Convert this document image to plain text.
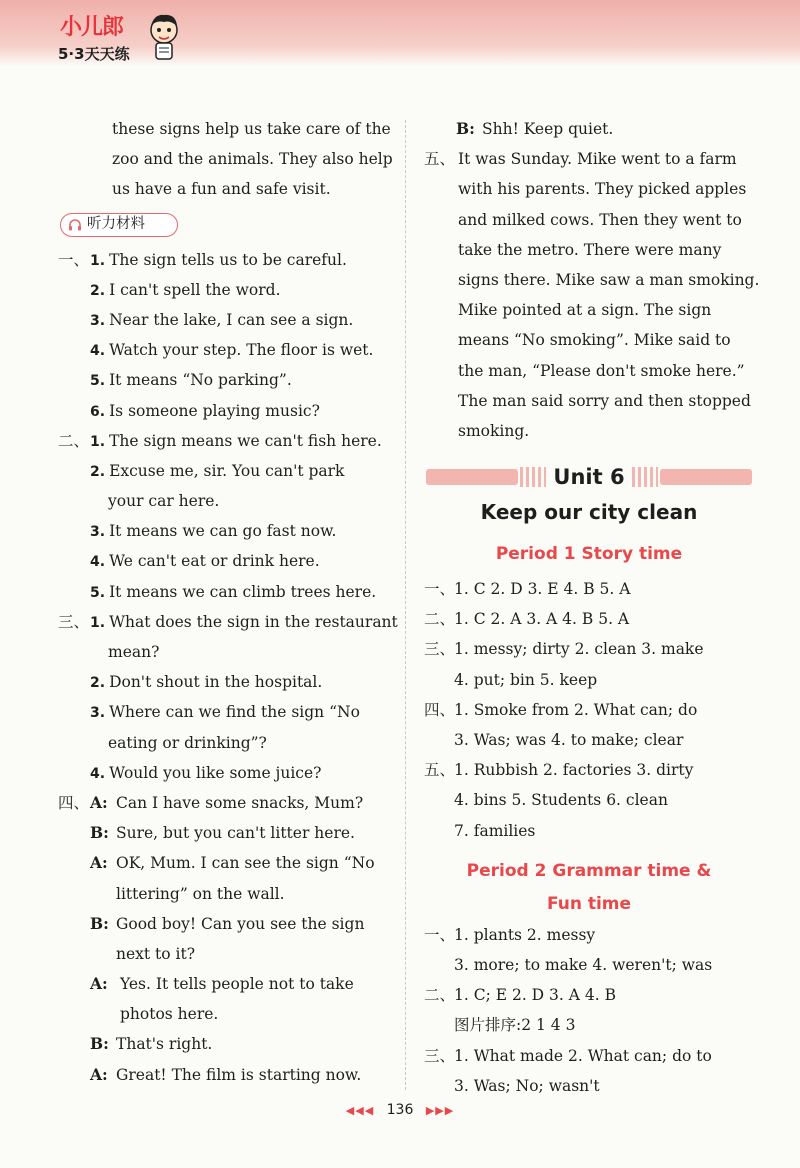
小儿郎
5·3天天练
these signs help us take care of the
zoo and the animals. They also help
us have a fun and safe visit.
听力材料
一、 1. The sign tells us to be careful.
2. I can't spell the word.
3. Near the lake, I can see a sign.
4. Watch your step. The floor is wet.
5. It means “No parking”.
6. Is someone playing music?
二、 1. The sign means we can't fish here.
2. Excuse me, sir. You can't park
your car here.
3. It means we can go fast now.
4. We can't eat or drink here.
5. It means we can climb trees here.
三、 1. What does the sign in the restaurant
mean?
2. Don't shout in the hospital.
3. Where can we find the sign “No
eating or drinking”?
4. Would you like some juice?
四、 A: Can I have some snacks, Mum?
B: Sure, but you can't litter here.
A: OK, Mum. I can see the sign “No
littering” on the wall.
B: Good boy! Can you see the sign
next to it?
A: Yes. It tells people not to take
photos here.
B: That's right.
A: Great! The film is starting now.
B: Shh! Keep quiet.
五、 It was Sunday. Mike went to a farm
with his parents. They picked apples
and milked cows. Then they went to
take the metro. There were many
signs there. Mike saw a man smoking.
Mike pointed at a sign. The sign
means “No smoking”. Mike said to
the man, “Please don't smoke here.”
The man said sorry and then stopped
smoking.
Unit 6
Keep our city clean
Period 1 Story time
一、
1. C 2. D 3. E 4. B 5. A
二、
1. C 2. A 3. A 4. B 5. A
三、
1. messy; dirty 2. clean 3. make
4. put; bin 5. keep
四、
1. Smoke from 2. What can; do
3. Was; was 4. to make; clear
五、
1. Rubbish 2. factories 3. dirty
4. bins 5. Students 6. clean
7. families
Period 2 Grammar time &
Fun time
一、
1. plants 2. messy
3. more; to make 4. weren't; was
二、
1. C; E 2. D 3. A 4. B
图片排序:2 1 4 3
三、
1. What made 2. What can; do to
3. Was; No; wasn't
◀◀◀ 136 ▶▶▶
